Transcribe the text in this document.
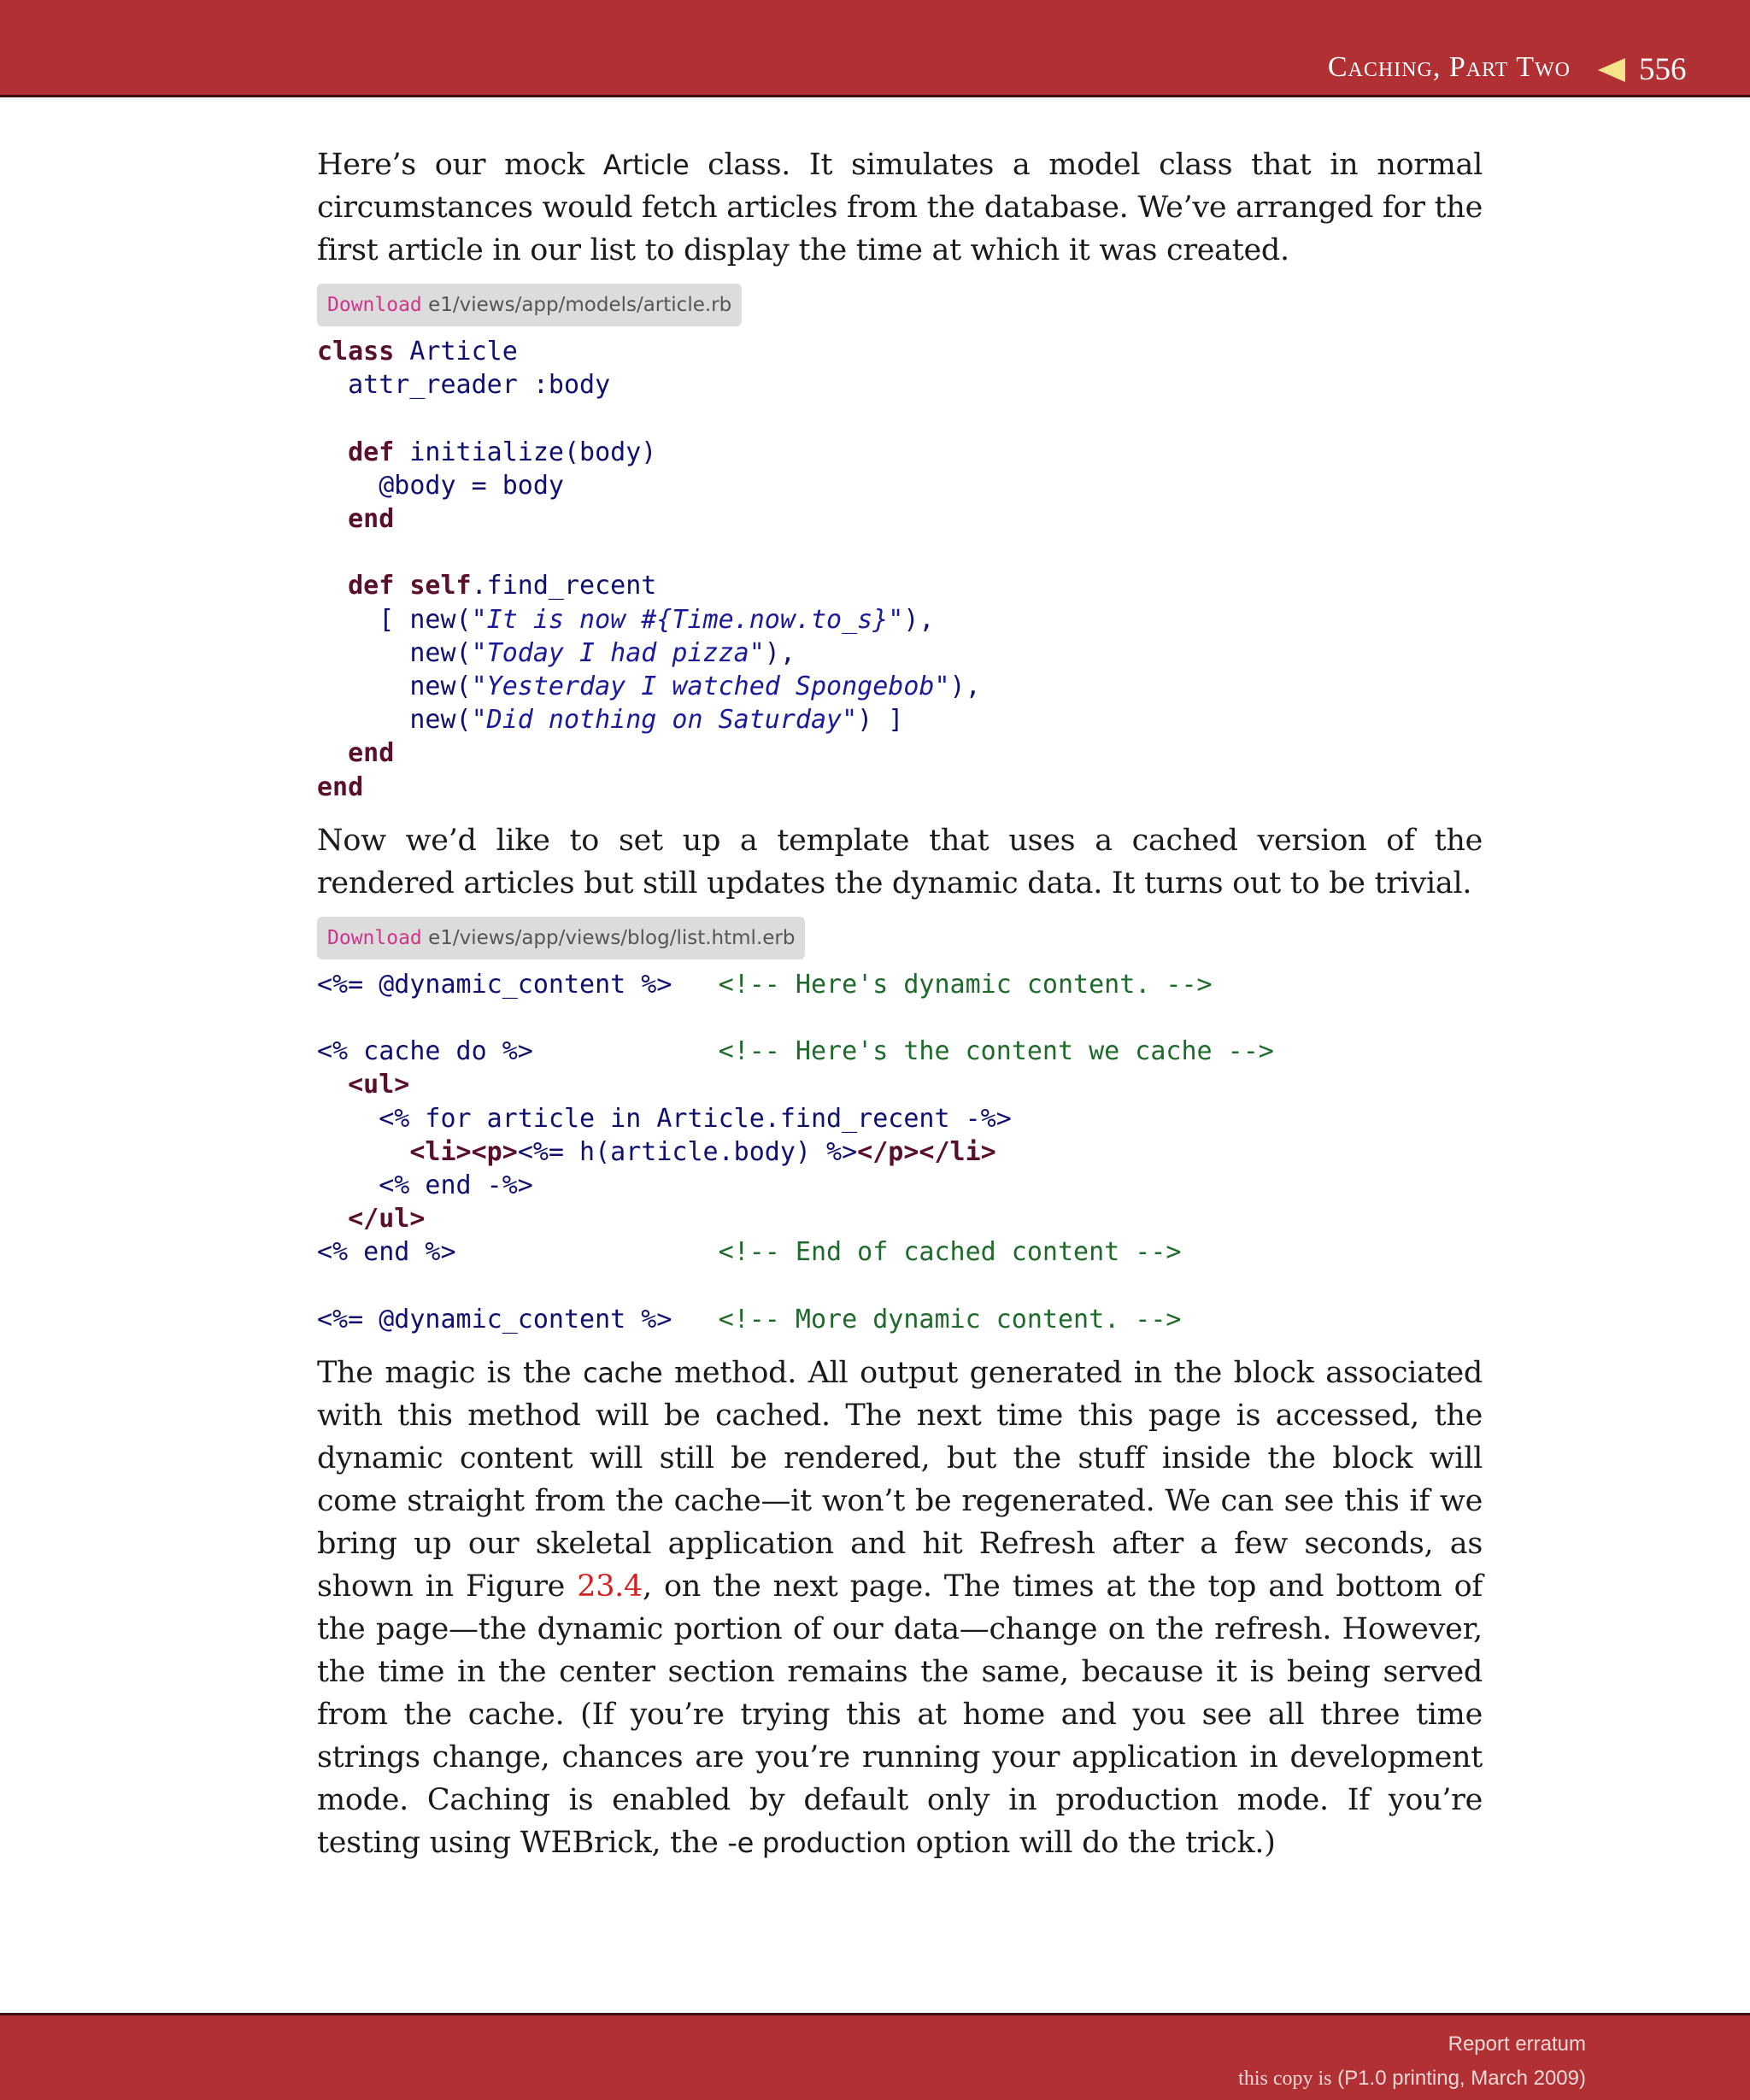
Caching, Part Two 556

Here’s our mock Article class. It simulates a model class that in normal circumstances would fetch articles from the database. We’ve arranged for the first article in our list to display the time at which it was created.

Download e1/views/app/models/article.rb
class Article
attr_reader :body

def initialize(body)
@body = body
end

def self.find_recent
[ new("It is now #{Time.now.to_s}"),
new("Today I had pizza"),
new("Yesterday I watched Spongebob"),
new("Did nothing on Saturday") ]
end
end

Now we’d like to set up a template that uses a cached version of the rendered articles but still updates the dynamic data. It turns out to be trivial.

Download e1/views/app/views/blog/list.html.erb
<%= @dynamic_content %> <!-- Here's dynamic content. -->

<% cache do %>	<!-- Here's the content we cache -->
<ul>
<% for article in Article.find_recent -%>
<li><p><%= h(article.body) %></p></li>
<% end -%>
</ul>
<% end %>	<!-- End of cached content -->

<%= @dynamic_content %> <!-- More dynamic content. -->

The magic is the cache method. All output generated in the block associated with this method will be cached. The next time this page is accessed, the dynamic content will still be rendered, but the stuff inside the block will come straight from the cache—it won’t be regenerated. We can see this if we bring up our skeletal application and hit Refresh after a few seconds, as shown in Figure 23.4, on the next page. The times at the top and bottom of the page—the dynamic portion of our data—change on the refresh. However, the time in the center section remains the same, because it is being served from the cache. (If you’re trying this at home and you see all three time strings change, chances are you’re running your application in development mode. Caching is enabled by default only in production mode. If you’re testing using WEBrick, the -e production option will do the trick.)

Report erratum
this copy is (P1.0 printing, March 2009)
